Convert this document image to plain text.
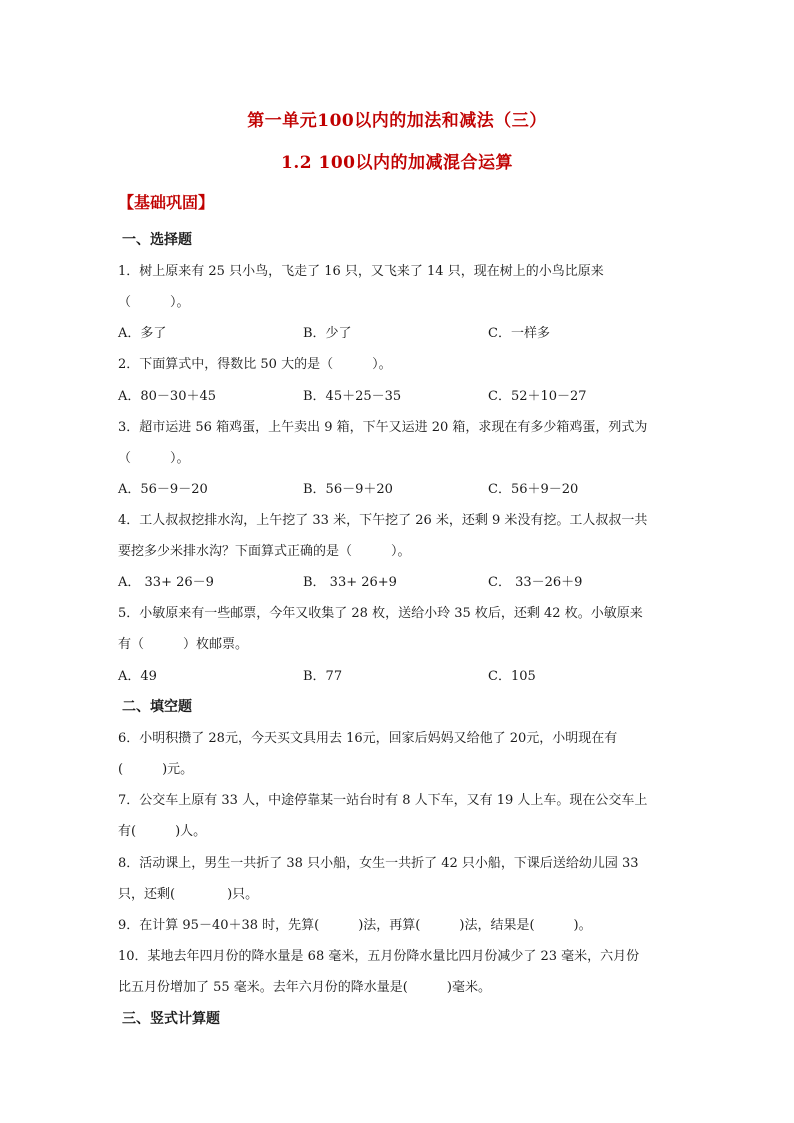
第一单元100以内的加法和减法（三）
1.2 100以内的加减混合运算
【基础巩固】
一、选择题
1．树上原来有 25 只小鸟，飞走了 16 只，又飞来了 14 只，现在树上的小鸟比原来
（　　　）。
A．多了	B．少了	C．一样多
2．下面算式中，得数比 50 大的是（　　　）。
A．80－30＋45	B．45＋25－35	C．52＋10－27
3．超市运进 56 箱鸡蛋，上午卖出 9 箱，下午又运进 20 箱，求现在有多少箱鸡蛋，列式为
（　　　）。
A．56－9－20	B．56－9＋20	C．56＋9－20
4．工人叔叔挖排水沟，上午挖了 33 米，下午挖了 26 米，还剩 9 米没有挖。工人叔叔一共
要挖多少米排水沟？下面算式正确的是（　　　）。
A． 33+ 26－9	B． 33+ 26+9	C． 33－26＋9
5．小敏原来有一些邮票，今年又收集了 28 枚，送给小玲 35 枚后，还剩 42 枚。小敏原来
有（　　　）枚邮票。
A．49	B．77	C．105
二、填空题
6．小明积攒了 28元，今天买文具用去 16元，回家后妈妈又给他了 20元，小明现在有
(　　　)元。
7．公交车上原有 33 人，中途停靠某一站台时有 8 人下车，又有 19 人上车。现在公交车上
有(　　　)人。
8．活动课上，男生一共折了 38 只小船，女生一共折了 42 只小船，下课后送给幼儿园 33
只，还剩(　　　　)只。
9．在计算 95－40＋38 时，先算(　　　)法，再算(　　　)法，结果是(　　　)。
10．某地去年四月份的降水量是 68 毫米，五月份降水量比四月份减少了 23 毫米，六月份
比五月份增加了 55 毫米。去年六月份的降水量是(　　　)毫米。
三、竖式计算题
